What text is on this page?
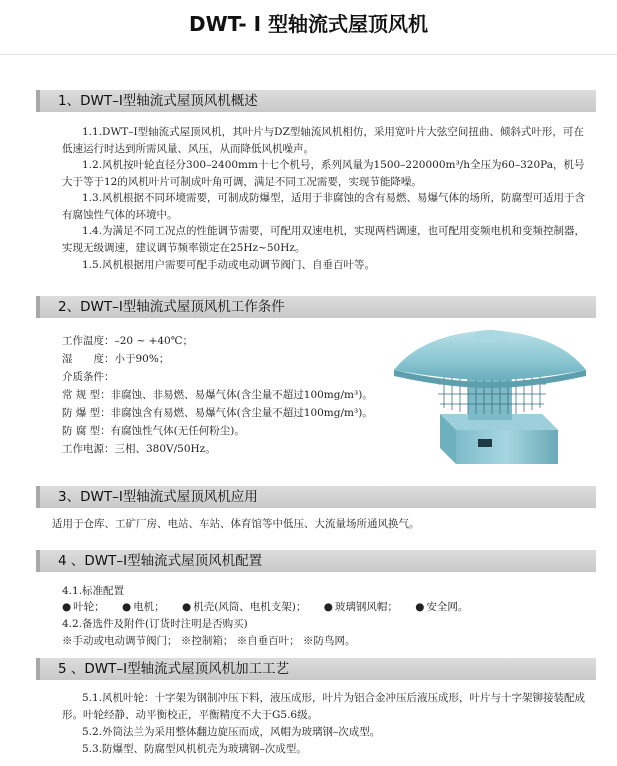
DWT- I 型轴流式屋顶风机
1、DWT–I型轴流式屋顶风机概述

1.1.DWT–I型轴流式屋顶风机，其叶片与DZ型轴流风机相仿，采用宽叶片大弦空间扭曲、倾斜式叶形，可在低速运行时达到所需风量、风压，从而降低风机噪声。

1.2.风机按叶轮直径分300–2400mm十七个机号，系列风量为1500–220000m³/h全压为60–320Pa，机号大于等于12的风机叶片可制成叶角可调，满足不同工况需要，实现节能降噪。

1.3.风机根据不同环境需要，可制成防爆型，适用于非腐蚀的含有易燃、易爆气体的场所，防腐型可适用于含有腐蚀性气体的环境中。

1.4.为满足不同工况点的性能调节需要，可配用双速电机，实现两档调速，也可配用变频电机和变频控制器，实现无级调速，建议调节频率锁定在25Hz~50Hz。

1.5.风机根据用户需要可配手动或电动调节阀门、自垂百叶等。

2、DWT–I型轴流式屋顶风机工作条件
工作温度：–20 ~ +40℃；
湿　　度：小于90%；
介质条件：
常 规 型：非腐蚀、非易燃、易爆气体(含尘量不超过100mg/m³)。
防 爆 型：非腐蚀含有易燃、易爆气体(含尘量不超过100mg/m³)。
防 腐 型：有腐蚀性气体(无任何粉尘)。
工作电源：三相、380V/50Hz。
3、DWT–I型轴流式屋顶风机应用

适用于仓库、工矿厂房、电站、车站、体育馆等中低压、大流量场所通风换气。

4 、DWT–I型轴流式屋顶风机配置
4.1.标准配置
● 叶轮； ● 电机； ● 机壳(风筒、电机支架)； ● 玻璃钢风帽； ● 安全网。
4.2.备选件及附件(订货时注明是否购买)
※手动或电动调节阀门； ※控制箱； ※自垂百叶； ※防鸟网。
5 、DWT–I型轴流式屋顶风机加工工艺

5.1.风机叶轮：十字架为钢制冲压下料，液压成形，叶片为铝合金冲压后液压成形，叶片与十字架铆接装配成形。叶轮经静、动平衡校正，平衡精度不大于G5.6级。

5.2.外筒法兰为采用整体翻边旋压而成，风帽为玻璃钢–次成型。

5.3.防爆型、防腐型风机机壳为玻璃钢–次成型。
